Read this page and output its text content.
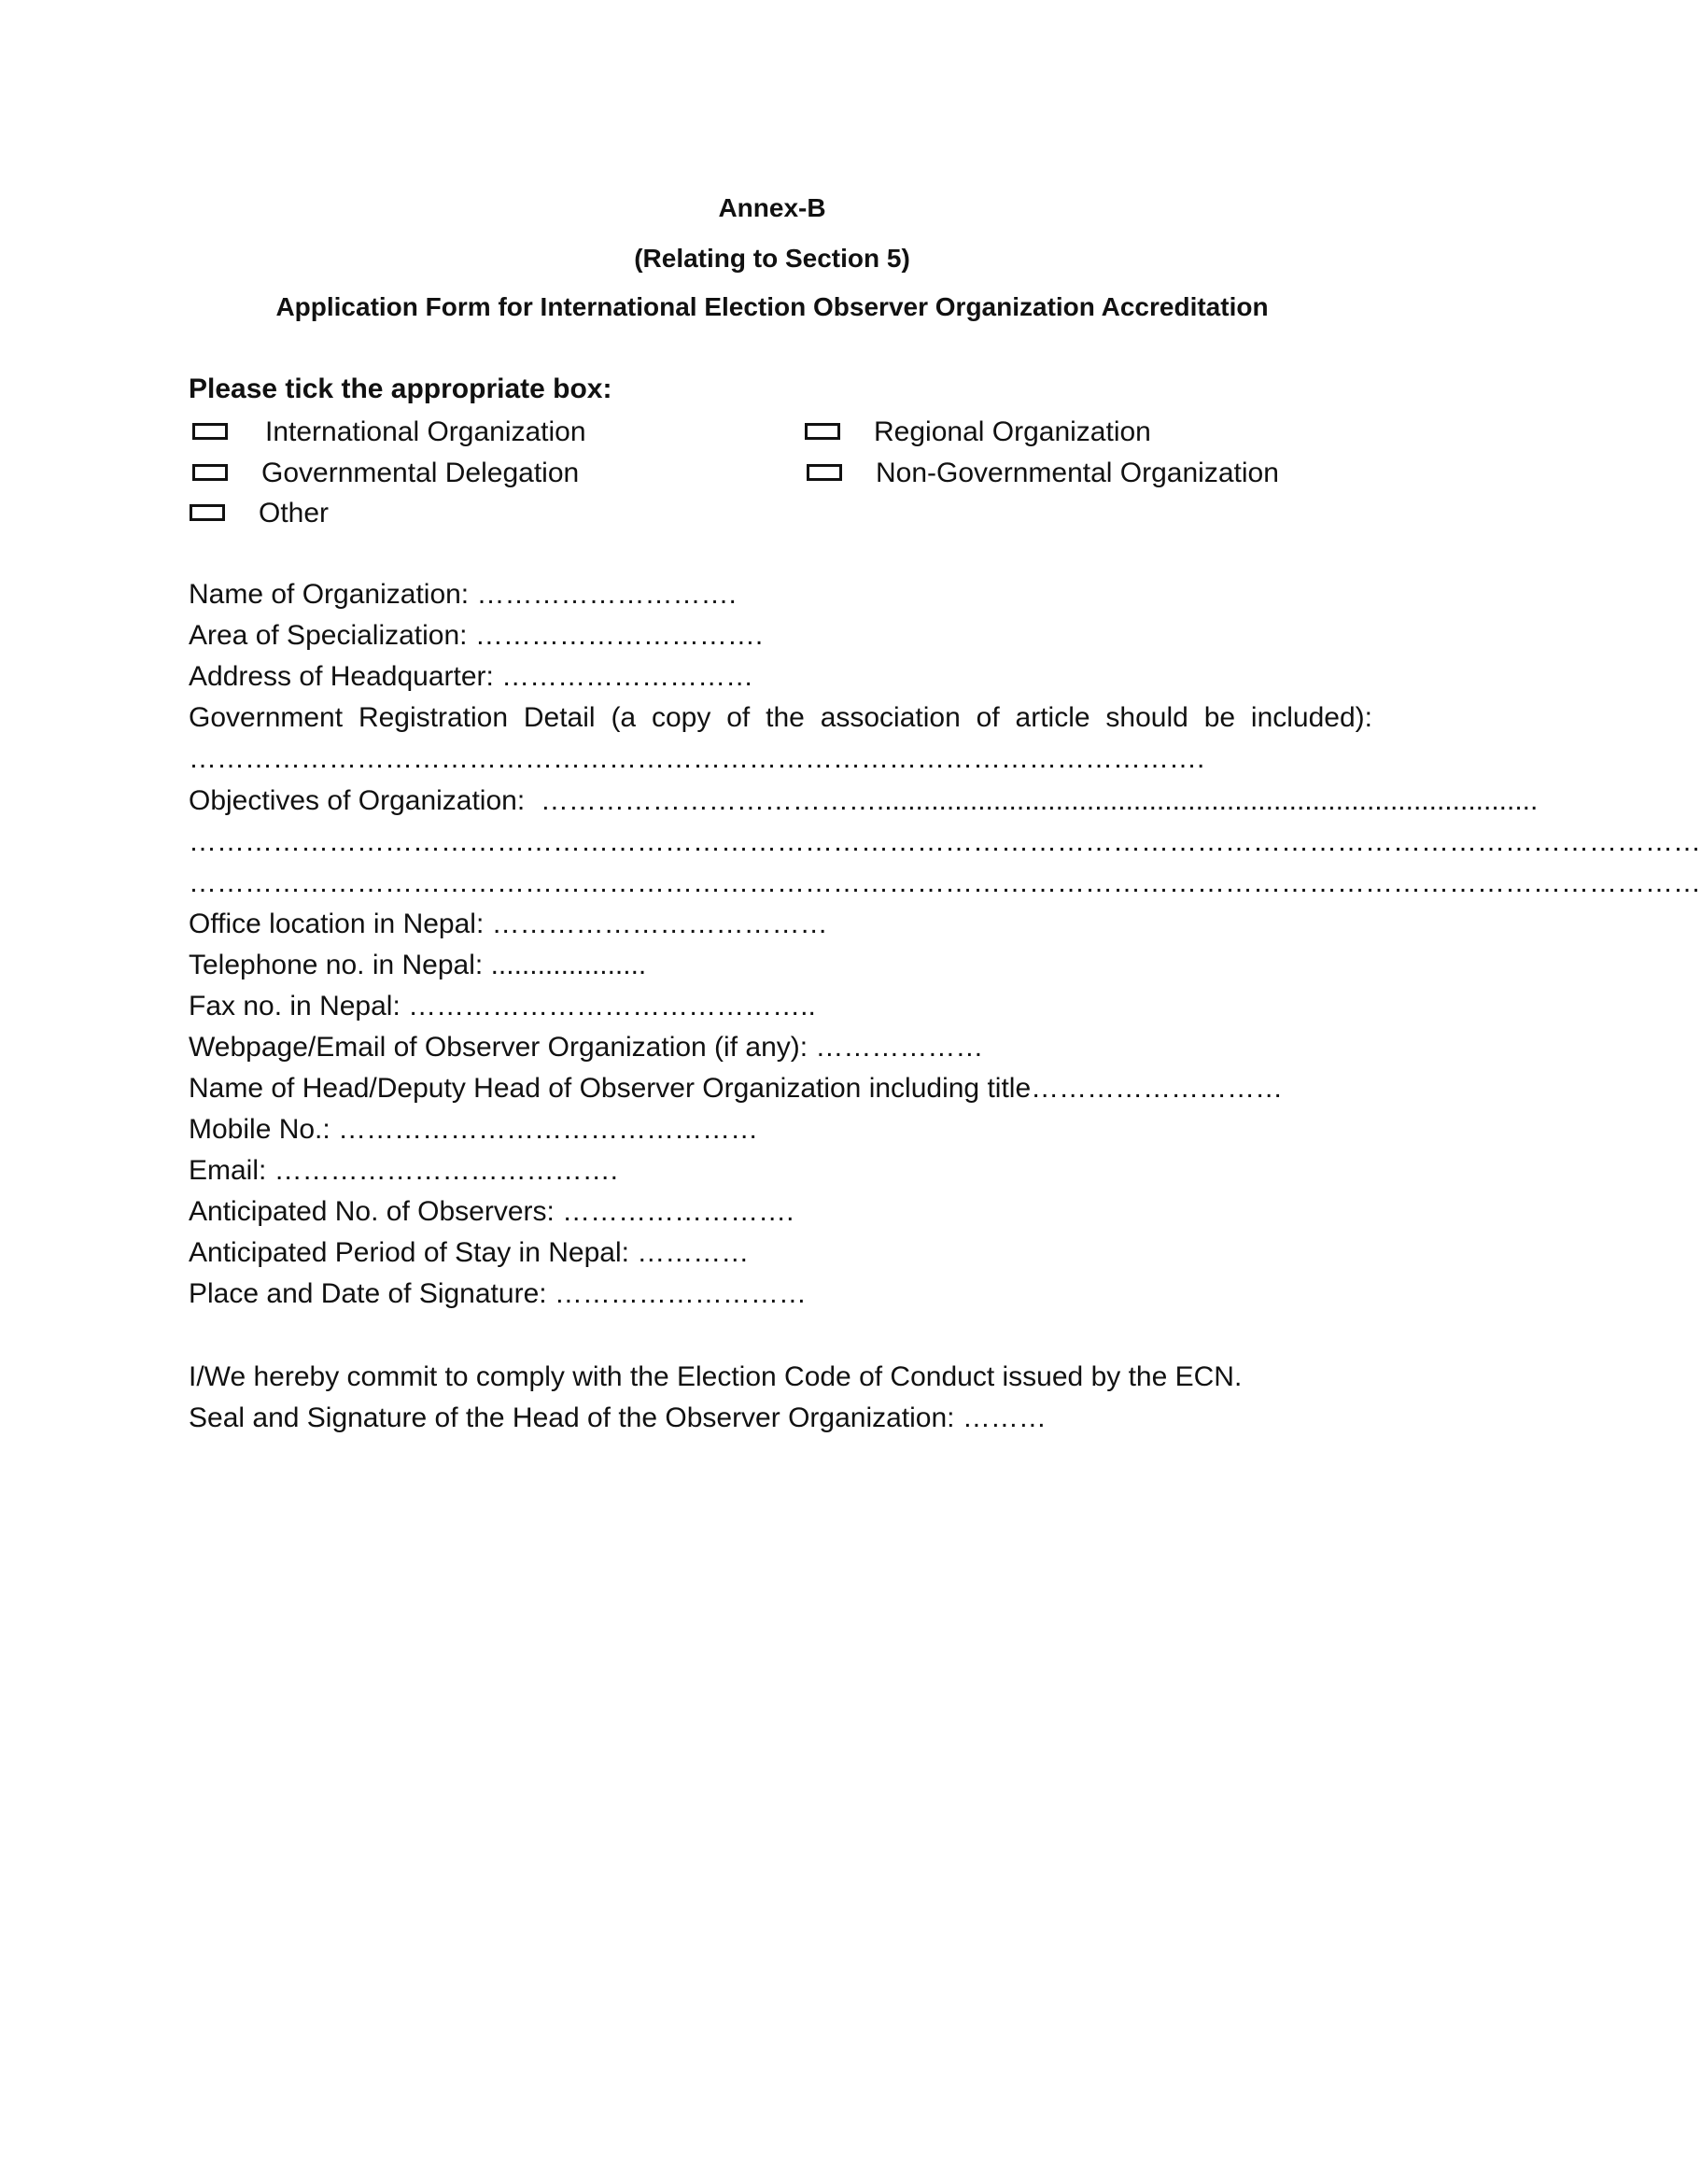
Annex-B
(Relating to Section 5)
Application Form for International Election Observer Organization Accreditation
Please tick the appropriate box:
International Organization
Governmental Delegation
Other
Regional Organization
Non-Governmental Organization
Name of Organization: ……………………….
Area of Specialization: ………………………….
Address of Headquarter: ………………………
Government Registration Detail (a copy of the association of article should be included):
……………………………………………………………………………………………….
Objectives of Organization: ……………………………….....................................................................................
………………………………………………………………………………………………………………………………………………
………………………………………………………………………………………………………………………………………………
Office location in Nepal: ………………………………
Telephone no. in Nepal: ....................
Fax no. in Nepal: ……………………………………..
Webpage/Email of Observer Organization (if any): ………………
Name of Head/Deputy Head of Observer Organization including title………………………
Mobile No.: ………………………………………
Email: ……………………………….
Anticipated No. of Observers: …………………….
Anticipated Period of Stay in Nepal: …………
Place and Date of Signature: ………………………
I/We hereby commit to comply with the Election Code of Conduct issued by the ECN.
Seal and Signature of the Head of the Observer Organization: ………
